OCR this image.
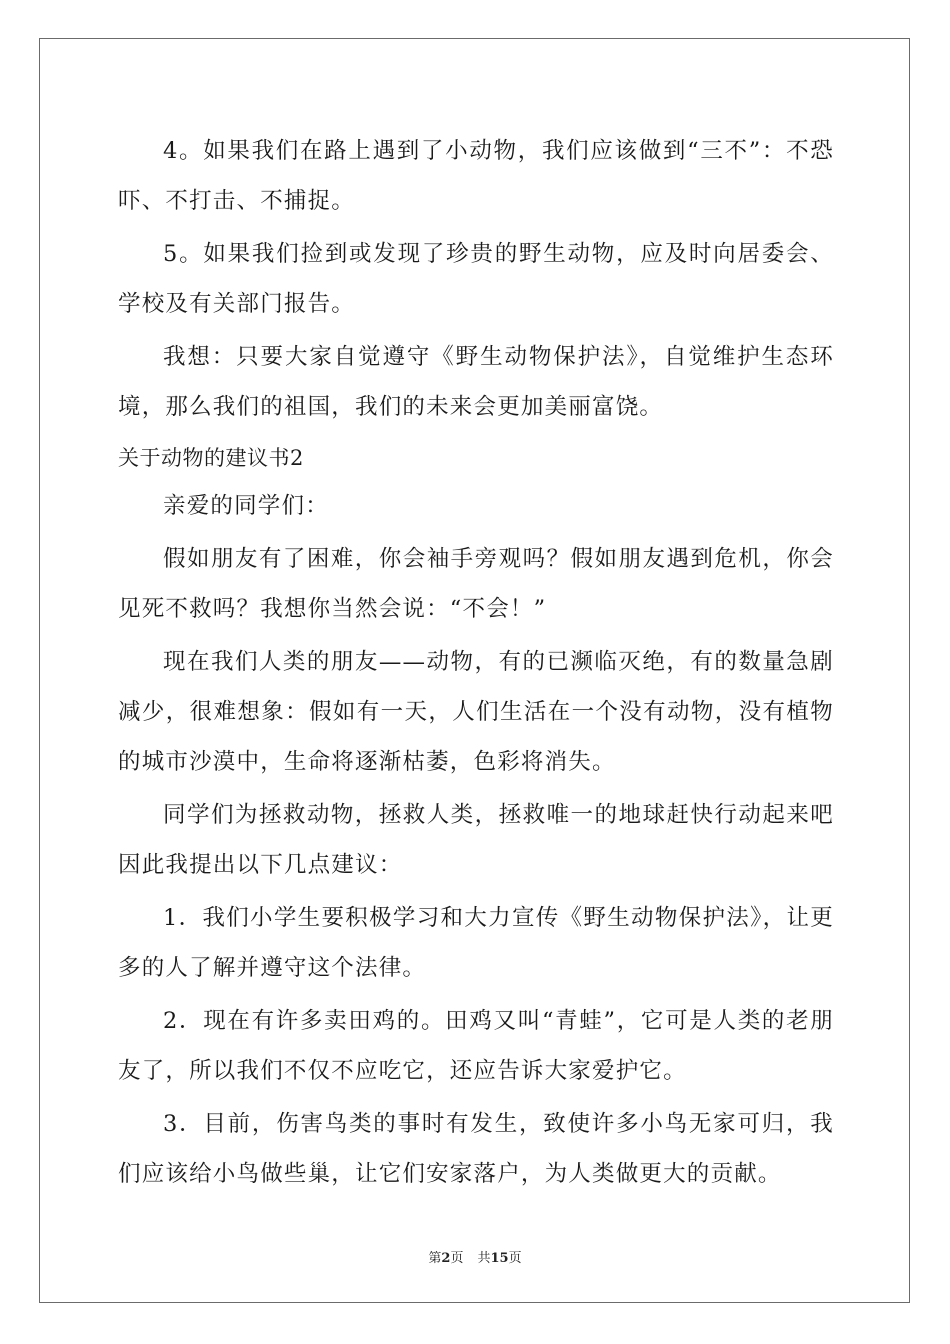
4。如果我们在路上遇到了小动物，我们应该做到“三不”：不恐吓、不打击、不捕捉。

5。如果我们捡到或发现了珍贵的野生动物，应及时向居委会、学校及有关部门报告。

我想：只要大家自觉遵守《野生动物保护法》，自觉维护生态环境，那么我们的祖国，我们的未来会更加美丽富饶。

关于动物的建议书2

亲爱的同学们：

假如朋友有了困难，你会袖手旁观吗？假如朋友遇到危机，你会见死不救吗？我想你当然会说：“不会！”

现在我们人类的朋友——动物，有的已濒临灭绝，有的数量急剧减少，很难想象：假如有一天，人们生活在一个没有动物，没有植物的城市沙漠中，生命将逐渐枯萎，色彩将消失。

同学们为拯救动物，拯救人类，拯救唯一的地球赶快行动起来吧因此我提出以下几点建议：

1．我们小学生要积极学习和大力宣传《野生动物保护法》，让更多的人了解并遵守这个法律。

2．现在有许多卖田鸡的。田鸡又叫“青蛙”，它可是人类的老朋友了，所以我们不仅不应吃它，还应告诉大家爱护它。

3．目前，伤害鸟类的事时有发生，致使许多小鸟无家可归，我们应该给小鸟做些巢，让它们安家落户，为人类做更大的贡献。

第2页 共15页
